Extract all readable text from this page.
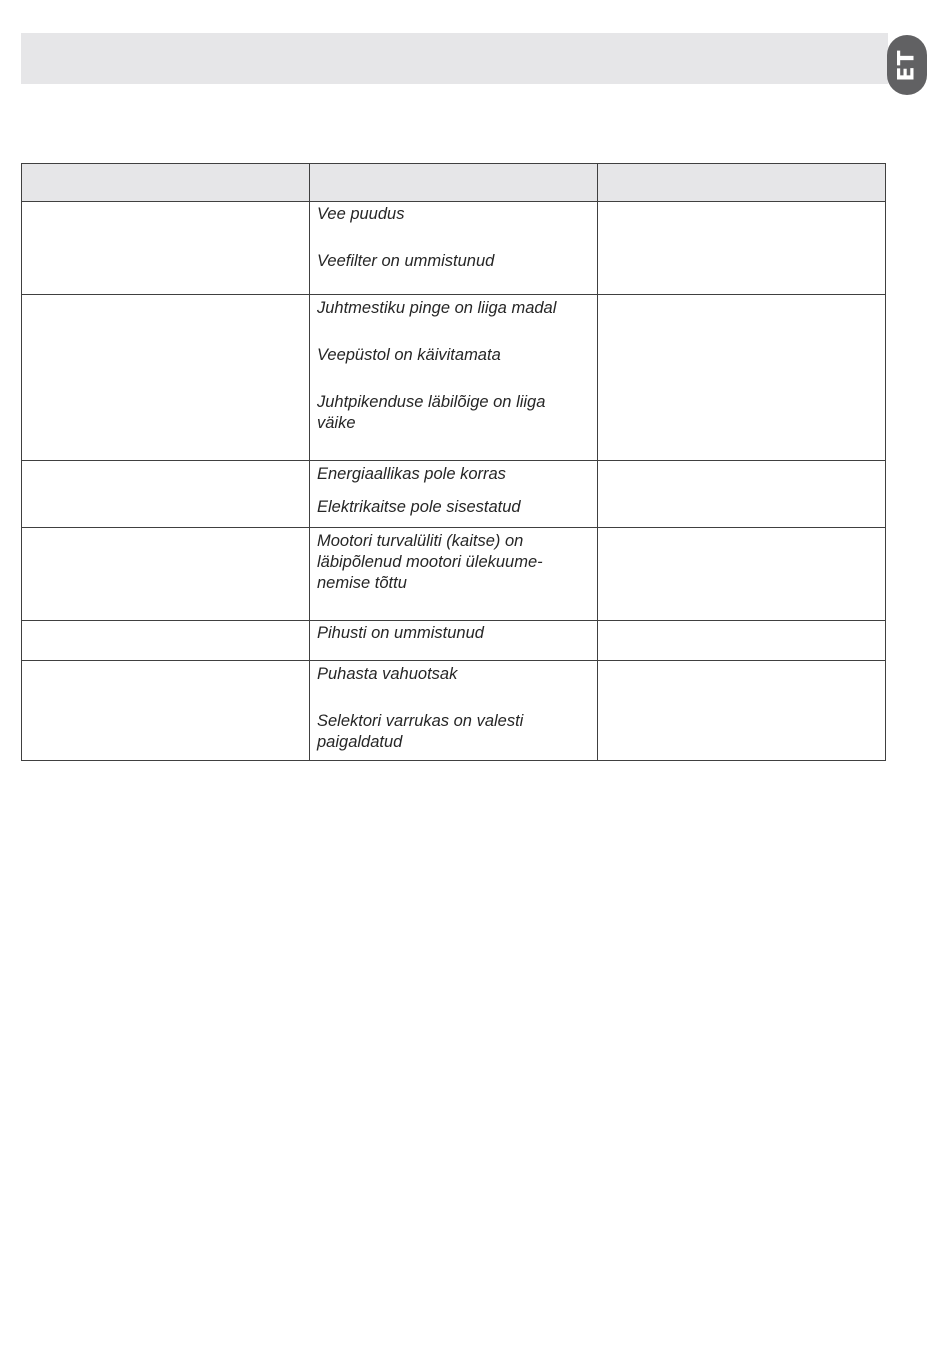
ET

Vee puudus

Veefilter on ummistunud

Juhtmestiku pinge on liiga madal

Veepüstol on käivitamata

Juhtpikenduse läbilõige on liiga
väike

Energiaallikas pole korras

Elektrikaitse pole sisestatud

Mootori turvalüliti (kaitse) on
läbipõlenud mootori ülekuume-
nemise tõttu

Pihusti on ummistunud

Puhasta vahuotsak

Selektori varrukas on valesti
paigaldatud
